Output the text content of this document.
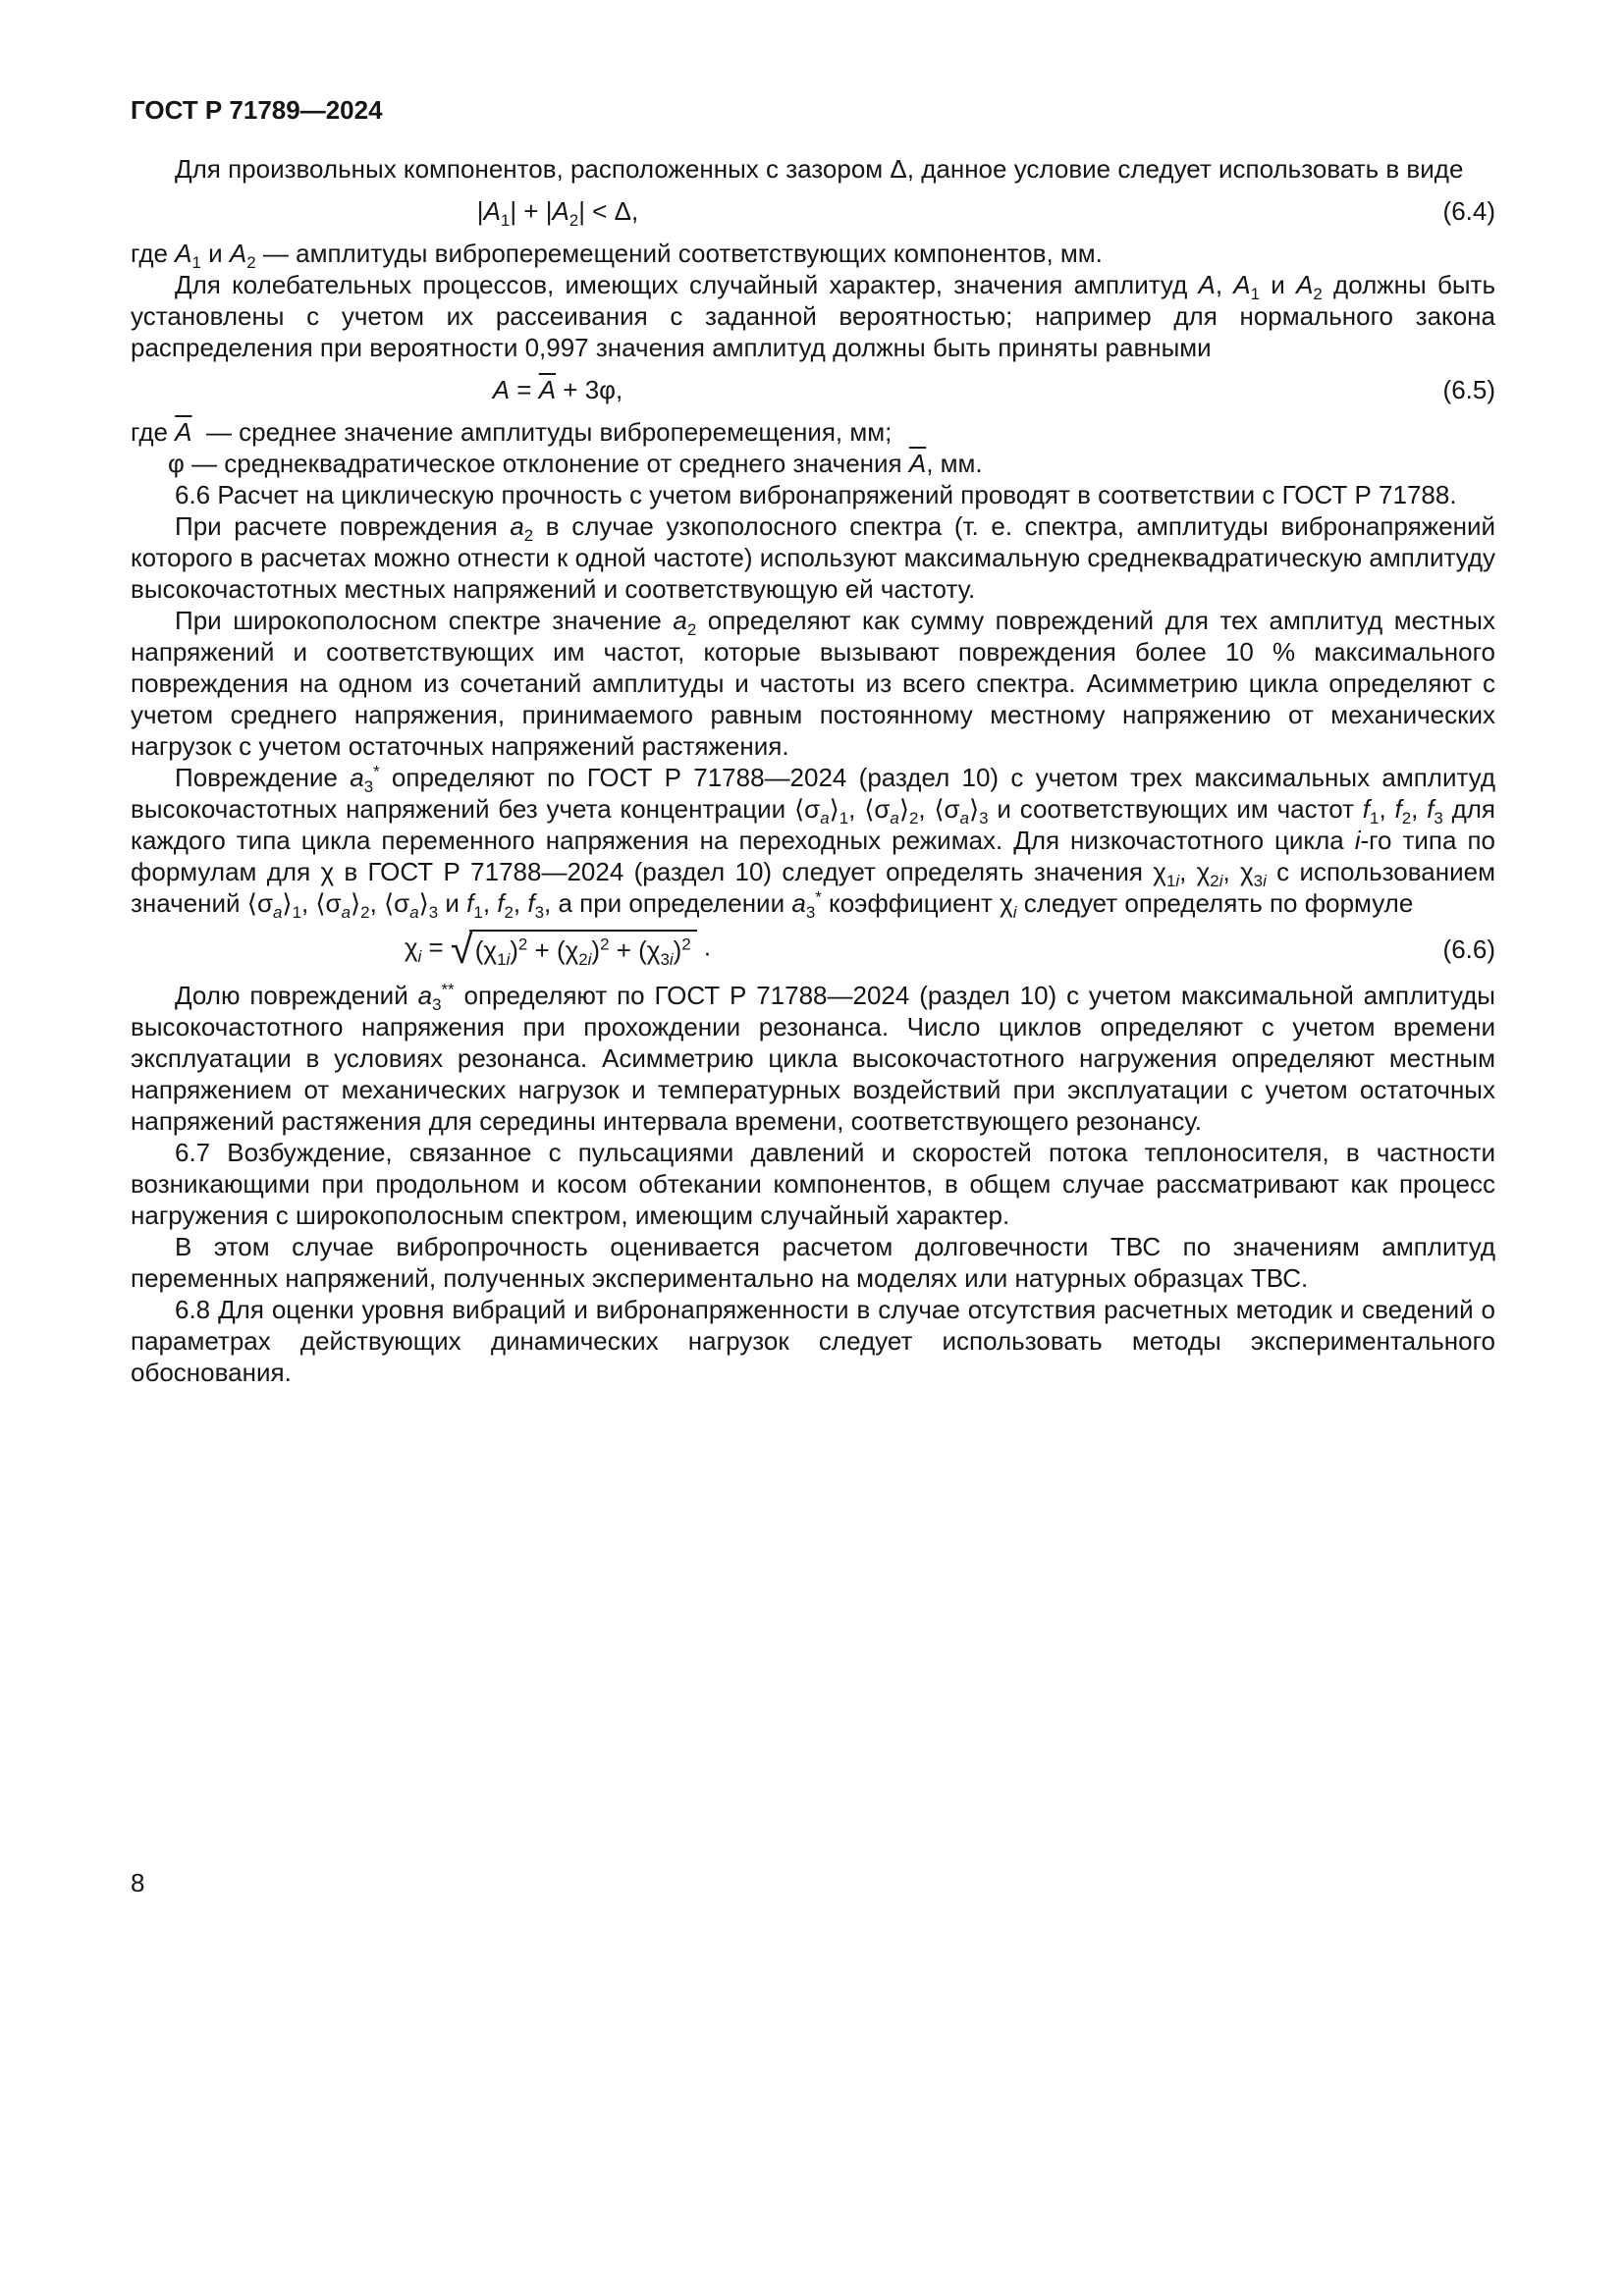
ГОСТ Р 71789—2024

Для произвольных компонентов, расположенных с зазором Δ, данное условие следует использовать в виде

$|A_1| + |A_2| < \Delta$,	(6.4)

где $A_1$ и $A_2$ — амплитуды виброперемещений соответствующих компонентов, мм.

Для колебательных процессов, имеющих случайный характер, значения амплитуд A, $A_1$ и $A_2$ должны быть установлены с учетом их рассеивания с заданной вероятностью; например для нормального закона распределения при вероятности 0,997 значения амплитуд должны быть приняты равными

$A = \overline{A} + 3\varphi$,	(6.5)

где $\overline{A}$  — среднее значение амплитуды виброперемещения, мм;

φ — среднеквадратическое отклонение от среднего значения $\overline{A}$, мм.

6.6 Расчет на циклическую прочность с учетом вибронапряжений проводят в соответствии с ГОСТ Р 71788.

При расчете повреждения $a_2$ в случае узкополосного спектра (т. е. спектра, амплитуды вибронапряжений которого в расчетах можно отнести к одной частоте) используют максимальную среднеквадратическую амплитуду высокочастотных местных напряжений и соответствующую ей частоту.

При широкополосном спектре значение $a_2$ определяют как сумму повреждений для тех амплитуд местных напряжений и соответствующих им частот, которые вызывают повреждения более 10 % максимального повреждения на одном из сочетаний амплитуды и частоты из всего спектра. Асимметрию цикла определяют с учетом среднего напряжения, принимаемого равным постоянному местному напряжению от механических нагрузок с учетом остаточных напряжений растяжения.

Повреждение $a_3^*$ определяют по ГОСТ Р 71788—2024 (раздел 10) с учетом трех максимальных амплитуд высокочастотных напряжений без учета концентрации $⟨\sigma_a⟩_1$, $⟨\sigma_a⟩_2$, $⟨\sigma_a⟩_3$ и соответствующих им частот $f_1$, $f_2$, $f_3$ для каждого типа цикла переменного напряжения на переходных режимах. Для низкочастотного цикла i-го типа по формулам для χ в ГОСТ Р 71788—2024 (раздел 10) следует определять значения $\chi_{1i}$, $\chi_{2i}$, $\chi_{3i}$ с использованием значений $⟨\sigma_a⟩_1$, $⟨\sigma_a⟩_2$, $⟨\sigma_a⟩_3$ и $f_1$, $f_2$, $f_3$, а при определении $a_3^*$ коэффициент $\chi_i$ следует определять по формуле

$\chi_i$ = √ $(\chi_{1i})^2 + (\chi_{2i})^2 + (\chi_{3i})^2$ .	(6.6)

Долю повреждений $a_3^{**}$ определяют по ГОСТ Р 71788—2024 (раздел 10) с учетом максимальной амплитуды высокочастотного напряжения при прохождении резонанса. Число циклов определяют с учетом времени эксплуатации в условиях резонанса. Асимметрию цикла высокочастотного нагружения определяют местным напряжением от механических нагрузок и температурных воздействий при эксплуатации с учетом остаточных напряжений растяжения для середины интервала времени, соответствующего резонансу.

6.7 Возбуждение, связанное с пульсациями давлений и скоростей потока теплоносителя, в частности возникающими при продольном и косом обтекании компонентов, в общем случае рассматривают как процесс нагружения с широкополосным спектром, имеющим случайный характер.

В этом случае вибропрочность оценивается расчетом долговечности ТВС по значениям амплитуд переменных напряжений, полученных экспериментально на моделях или натурных образцах ТВС.

6.8 Для оценки уровня вибраций и вибронапряженности в случае отсутствия расчетных методик и сведений о параметрах действующих динамических нагрузок следует использовать методы экспериментального обоснования.

8
